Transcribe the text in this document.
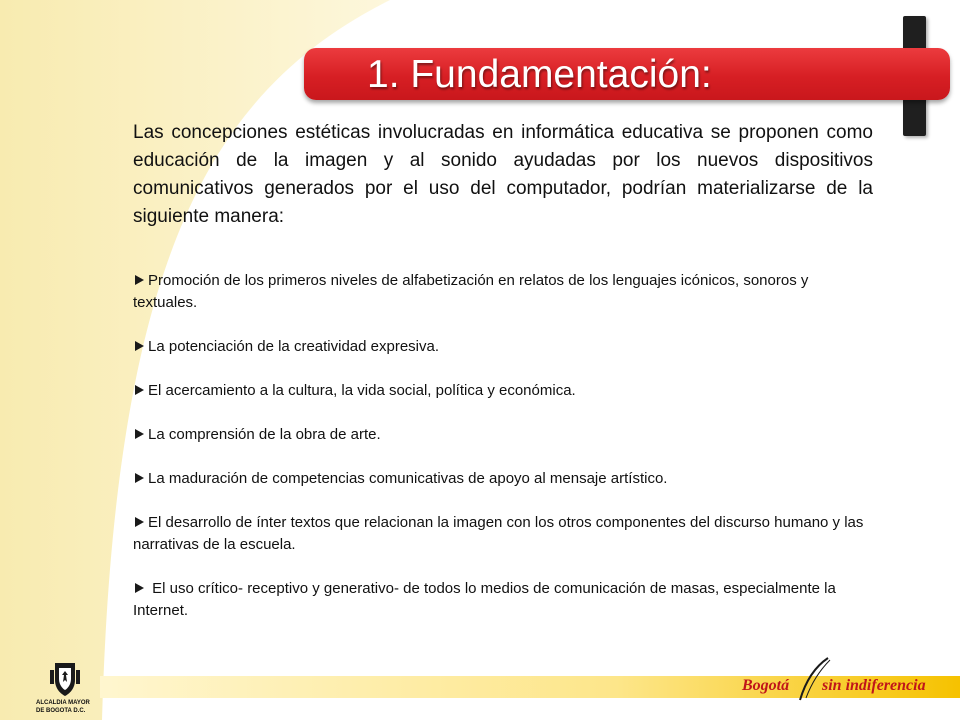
1. Fundamentación:

Las concepciones estéticas involucradas en informática educativa se proponen como educación de la imagen y al sonido ayudadas por los nuevos dispositivos comunicativos generados por el uso del computador, podrían materializarse de la siguiente manera:

Promoción de los primeros niveles de alfabetización en relatos de los lenguajes icónicos, sonoros y textuales.
La potenciación de la creatividad expresiva.
El acercamiento a la cultura, la vida social, política y económica.
La comprensión de la obra de arte.
La maduración de competencias comunicativas de apoyo al mensaje artístico.
El desarrollo de ínter textos que relacionan la imagen con los otros componentes del discurso humano y las narrativas de la escuela.
El uso crítico- receptivo y generativo- de todos lo medios de comunicación de masas, especialmente la Internet.
ALCALDIA MAYOR
DE BOGOTA D.C.
Bogotá sin indiferencia
